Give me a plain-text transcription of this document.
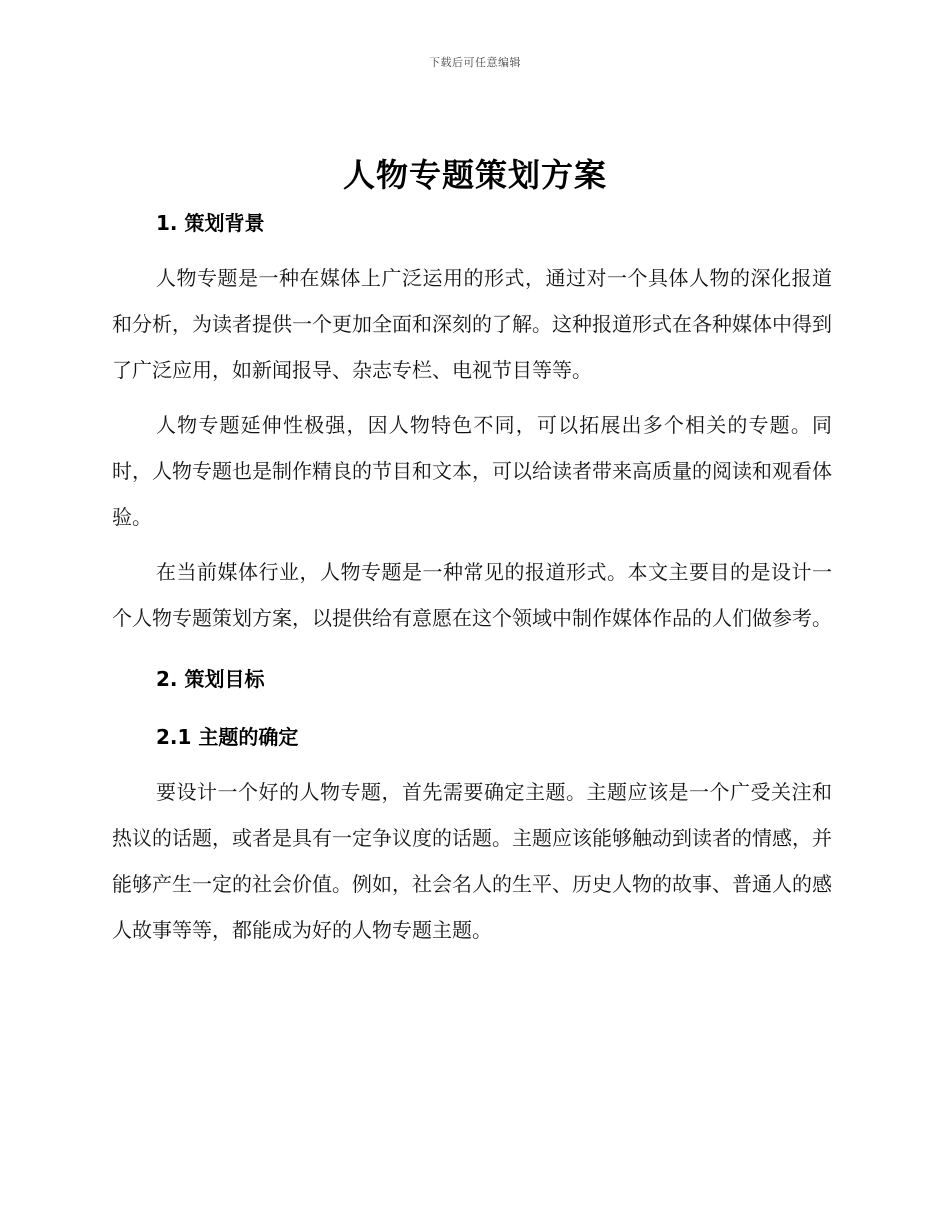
下载后可任意编辑
人物专题策划方案
1. 策划背景

人物专题是一种在媒体上广泛运用的形式，通过对一个具体人物的深化报道和分析，为读者提供一个更加全面和深刻的了解。这种报道形式在各种媒体中得到了广泛应用，如新闻报导、杂志专栏、电视节目等等。

人物专题延伸性极强，因人物特色不同，可以拓展出多个相关的专题。同时，人物专题也是制作精良的节目和文本，可以给读者带来高质量的阅读和观看体验。

在当前媒体行业，人物专题是一种常见的报道形式。本文主要目的是设计一个人物专题策划方案，以提供给有意愿在这个领域中制作媒体作品的人们做参考。

2. 策划目标
2.1 主题的确定

要设计一个好的人物专题，首先需要确定主题。主题应该是一个广受关注和热议的话题，或者是具有一定争议度的话题。主题应该能够触动到读者的情感，并能够产生一定的社会价值。例如，社会名人的生平、历史人物的故事、普通人的感人故事等等，都能成为好的人物专题主题。
